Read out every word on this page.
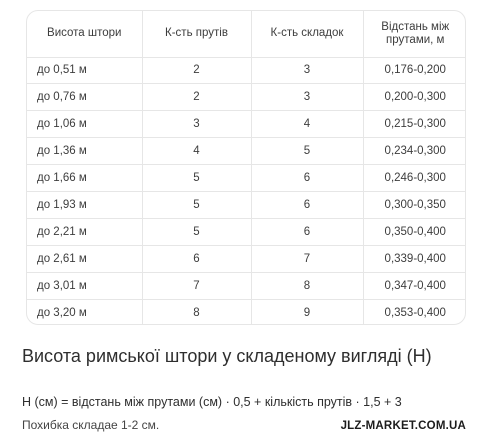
Висота штори	К-сть прутів	К-сть складок	Відстань між прутами, м
до 0,51 м	2	3	0,176-0,200
до 0,76 м	2	3	0,200-0,300
до 1,06 м	3	4	0,215-0,300
до 1,36 м	4	5	0,234-0,300
до 1,66 м	5	6	0,246-0,300
до 1,93 м	5	6	0,300-0,350
до 2,21 м	5	6	0,350-0,400
до 2,61 м	6	7	0,339-0,400
до 3,01 м	7	8	0,347-0,400
до 3,20 м	8	9	0,353-0,400
Висота римської штори у складеному вигляді (Н)
Н (см) = відстань між прутами (см) · 0,5 + кількість прутів · 1,5 + 3
Похибка складае 1-2 см.	JLZ-MARKET.COM.UA
